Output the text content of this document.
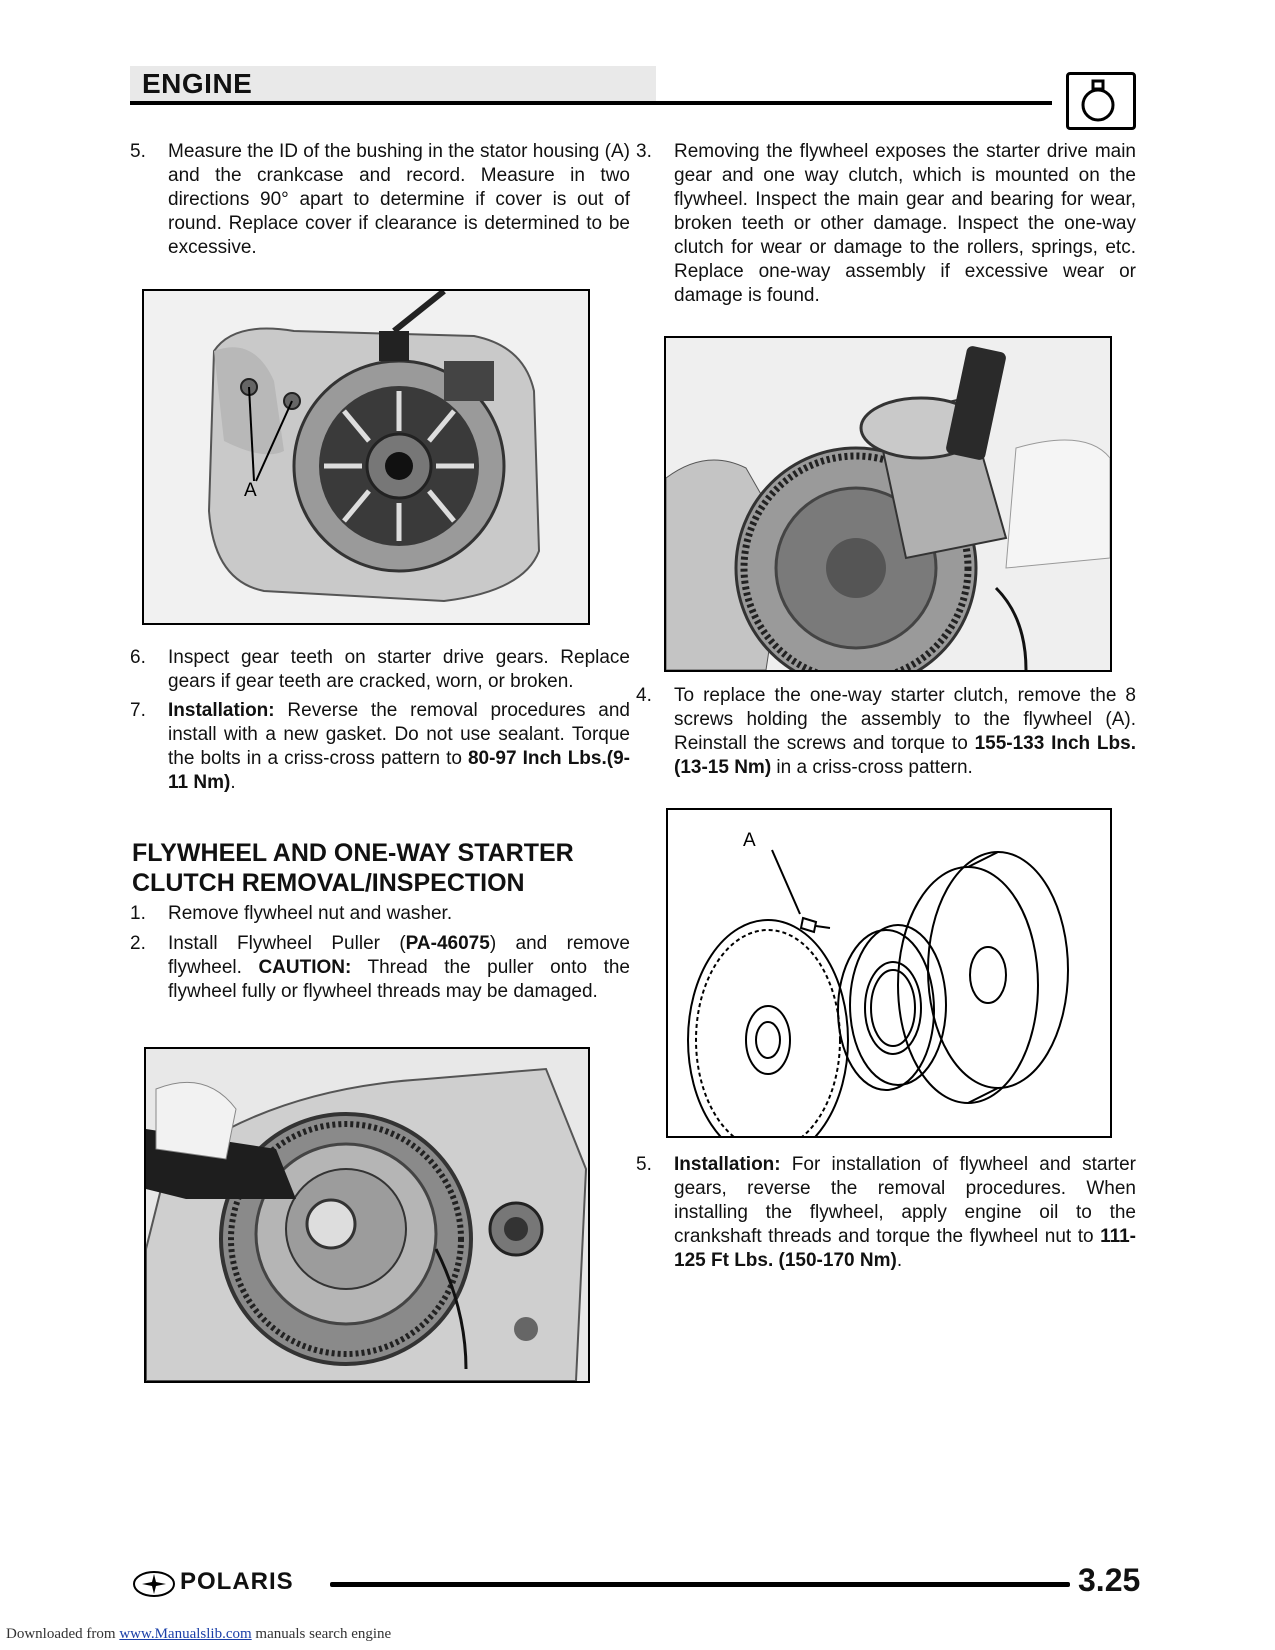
ENGINE
5. Measure the ID of the bushing in the stator housing (A) and the crankcase and record. Measure in two directions 90° apart to determine if cover is out of round. Replace cover if clearance is determined to be excessive.
A
6. Inspect gear teeth on starter drive gears. Replace gears if gear teeth are cracked, worn, or broken.
7. Installation: Reverse the removal procedures and install with a new gasket. Do not use sealant. Torque the bolts in a criss-cross pattern to 80-97 Inch Lbs.(9-11 Nm).
FLYWHEEL AND ONE-WAY STARTER CLUTCH REMOVAL/INSPECTION
1. Remove flywheel nut and washer.
2. Install Flywheel Puller (PA-46075) and remove flywheel. CAUTION: Thread the puller onto the flywheel fully or flywheel threads may be damaged.
3. Removing the flywheel exposes the starter drive main gear and one way clutch, which is mounted on the flywheel. Inspect the main gear and bearing for wear, broken teeth or other damage. Inspect the one-way clutch for wear or damage to the rollers, springs, etc. Replace one-way assembly if excessive wear or damage is found.
4. To replace the one-way starter clutch, remove the 8 screws holding the assembly to the flywheel (A). Reinstall the screws and torque to 155-133 Inch Lbs. (13-15 Nm) in a criss-cross pattern.
A
5. Installation: For installation of flywheel and starter gears, reverse the removal procedures. When installing the flywheel, apply engine oil to the crankshaft threads and torque the flywheel nut to 111-125 Ft Lbs. (150-170 Nm).
POLARIS	3.25
Downloaded from www.Manualslib.com manuals search engine
